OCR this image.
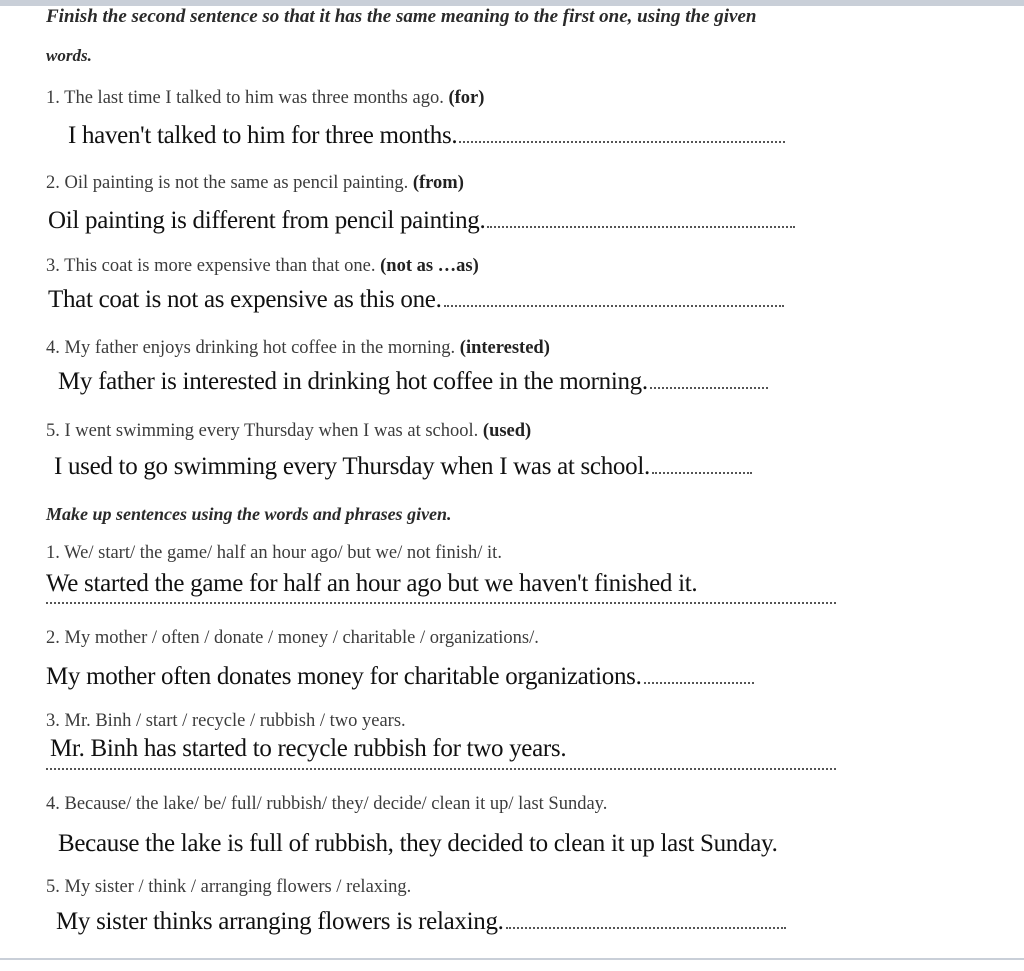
Finish the second sentence so that it has the same meaning to the first one, using the given
words.
1. The last time I talked to him was three months ago. (for)
I haven't talked to him for three months.
2. Oil painting is not the same as pencil painting. (from)
Oil painting is different from pencil painting.
3. This coat is more expensive than that one. (not as …as)
That coat is not as expensive as this one.
4. My father enjoys drinking hot coffee in the morning. (interested)
My father is interested in drinking hot coffee in the morning.
5. I went swimming every Thursday when I was at school. (used)
I used to go swimming every Thursday when I was at school.
Make up sentences using the words and phrases given.
1. We/ start/ the game/ half an hour ago/ but we/ not finish/ it.
We started the game for half an hour ago but we haven't finished it.
2. My mother / often / donate / money / charitable / organizations/.
My mother often donates money for charitable organizations.
3. Mr. Binh / start / recycle / rubbish / two years.
Mr. Binh has started to recycle rubbish for two years.
4. Because/ the lake/ be/ full/ rubbish/ they/ decide/ clean it up/ last Sunday.
Because the lake is full of rubbish, they decided to clean it up last Sunday.
5. My sister / think / arranging flowers / relaxing.
My sister thinks arranging flowers is relaxing.
